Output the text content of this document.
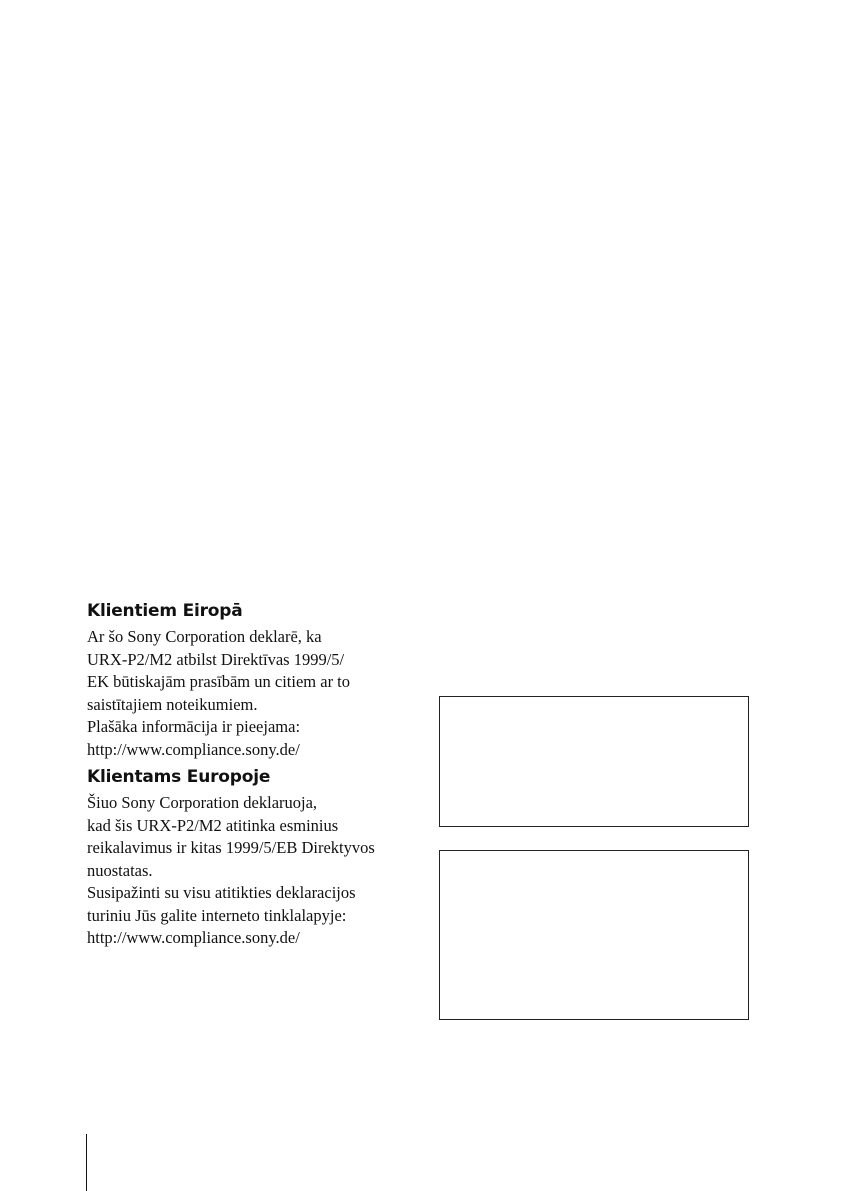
Klientiem Eiropā
Ar šo Sony Corporation deklarē, ka
URX-P2/M2 atbilst Direktīvas 1999/5/
EK būtiskajām prasībām un citiem ar to
saistītajiem noteikumiem.
Plašāka informācija ir pieejama:
http://www.compliance.sony.de/
Klientams Europoje
Šiuo Sony Corporation deklaruoja,
kad šis URX-P2/M2 atitinka esminius
reikalavimus ir kitas 1999/5/EB Direktyvos
nuostatas.
Susipažinti su visu atitikties deklaracijos
turiniu Jūs galite interneto tinklalapyje:
http://www.compliance.sony.de/
